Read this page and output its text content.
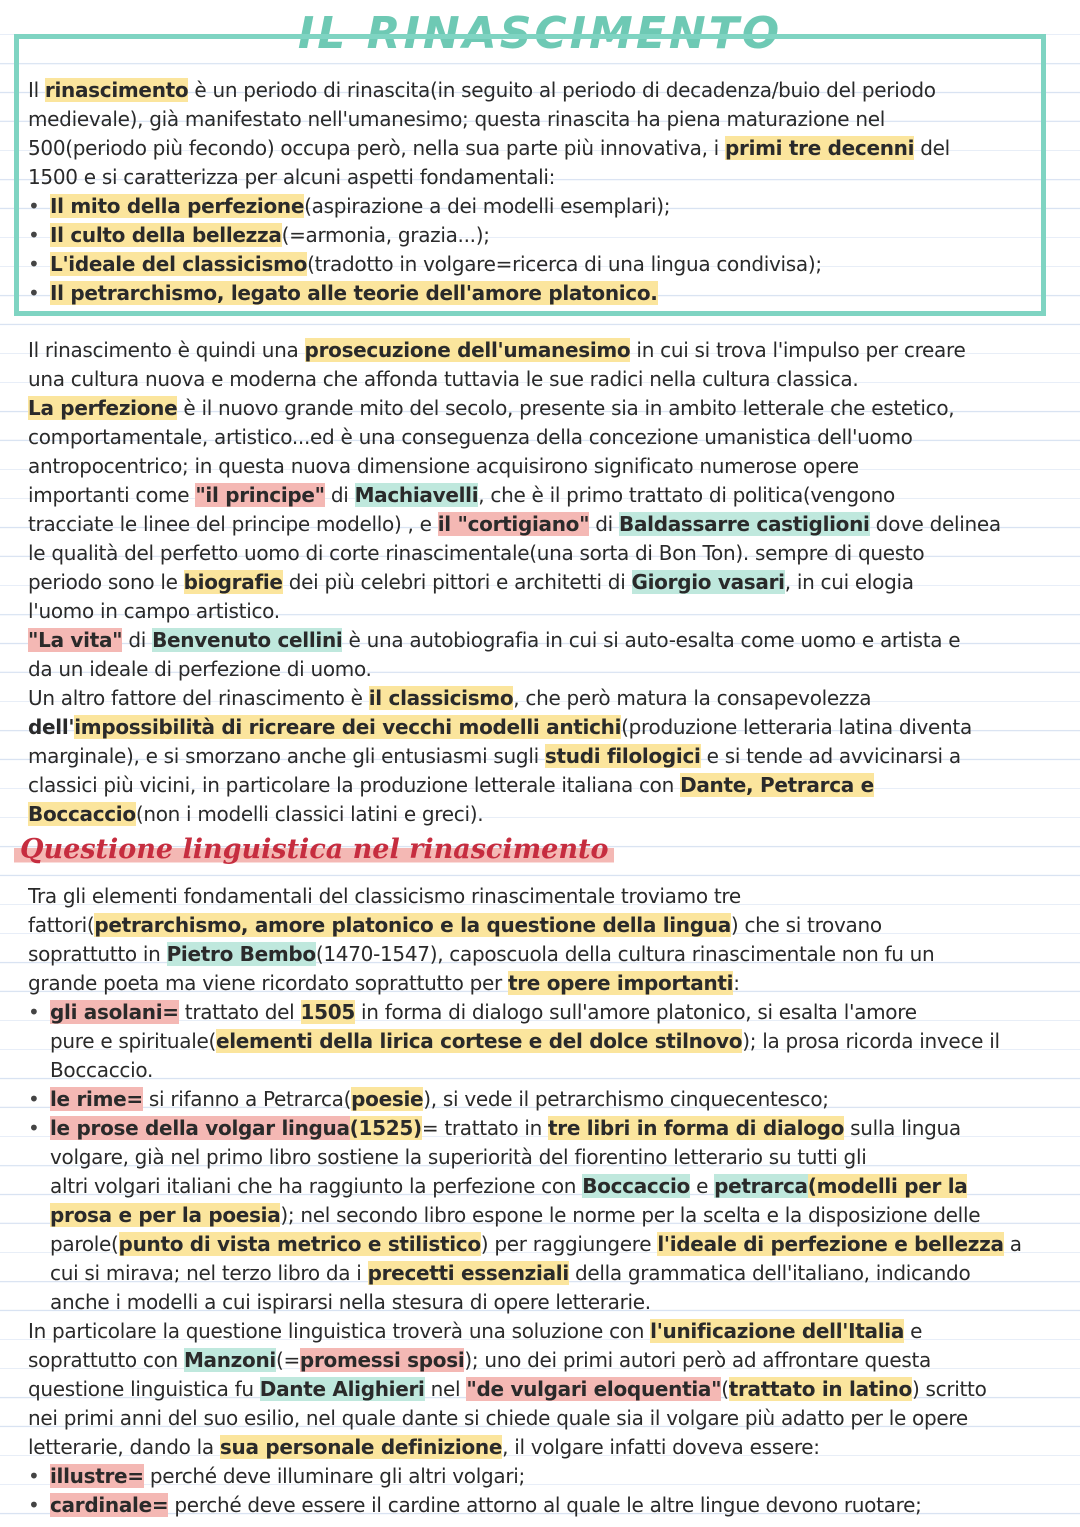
IL RINASCIMENTO
Il rinascimento è un periodo di rinascita(in seguito al periodo di decadenza/buio del periodo
medievale), già manifestato nell'umanesimo; questa rinascita ha piena maturazione nel
500(periodo più fecondo) occupa però, nella sua parte più innovativa, i primi tre decenni del
1500 e si caratterizza per alcuni aspetti fondamentali:
• Il mito della perfezione(aspirazione a dei modelli esemplari);
• Il culto della bellezza(=armonia, grazia...);
• L'ideale del classicismo(tradotto in volgare=ricerca di una lingua condivisa);
• Il petrarchismo, legato alle teorie dell'amore platonico.
Il rinascimento è quindi una prosecuzione dell'umanesimo in cui si trova l'impulso per creare
una cultura nuova e moderna che affonda tuttavia le sue radici nella cultura classica.
La perfezione è il nuovo grande mito del secolo, presente sia in ambito letterale che estetico,
comportamentale, artistico...ed è una conseguenza della concezione umanistica dell'uomo
antropocentrico; in questa nuova dimensione acquisirono significato numerose opere
importanti come "il principe" di Machiavelli, che è il primo trattato di politica(vengono
tracciate le linee del principe modello) , e il "cortigiano" di Baldassarre castiglioni dove delinea
le qualità del perfetto uomo di corte rinascimentale(una sorta di Bon Ton). sempre di questo
periodo sono le biografie dei più celebri pittori e architetti di Giorgio vasari, in cui elogia
l'uomo in campo artistico.
"La vita" di Benvenuto cellini è una autobiografia in cui si auto-esalta come uomo e artista e
da un ideale di perfezione di uomo.
Un altro fattore del rinascimento è il classicismo, che però matura la consapevolezza
dell'impossibilità di ricreare dei vecchi modelli antichi(produzione letteraria latina diventa
marginale), e si smorzano anche gli entusiasmi sugli studi filologici e si tende ad avvicinarsi a
classici più vicini, in particolare la produzione letterale italiana con Dante, Petrarca e
Boccaccio(non i modelli classici latini e greci).
Questione linguistica nel rinascimento
Tra gli elementi fondamentali del classicismo rinascimentale troviamo tre
fattori(petrarchismo, amore platonico e la questione della lingua) che si trovano
soprattutto in Pietro Bembo(1470-1547), caposcuola della cultura rinascimentale non fu un
grande poeta ma viene ricordato soprattutto per tre opere importanti:
• gli asolani= trattato del 1505 in forma di dialogo sull'amore platonico, si esalta l'amore
pure e spirituale(elementi della lirica cortese e del dolce stilnovo); la prosa ricorda invece il
Boccaccio.
• le rime= si rifanno a Petrarca(poesie), si vede il petrarchismo cinquecentesco;
• le prose della volgar lingua(1525)= trattato in tre libri in forma di dialogo sulla lingua
volgare, già nel primo libro sostiene la superiorità del fiorentino letterario su tutti gli
altri volgari italiani che ha raggiunto la perfezione con Boccaccio e petrarca(modelli per la
prosa e per la poesia); nel secondo libro espone le norme per la scelta e la disposizione delle
parole(punto di vista metrico e stilistico) per raggiungere l'ideale di perfezione e bellezza a
cui si mirava; nel terzo libro da i precetti essenziali della grammatica dell'italiano, indicando
anche i modelli a cui ispirarsi nella stesura di opere letterarie.
In particolare la questione linguistica troverà una soluzione con l'unificazione dell'Italia e
soprattutto con Manzoni(=promessi sposi); uno dei primi autori però ad affrontare questa
questione linguistica fu Dante Alighieri nel "de vulgari eloquentia"(trattato in latino) scritto
nei primi anni del suo esilio, nel quale dante si chiede quale sia il volgare più adatto per le opere
letterarie, dando la sua personale definizione, il volgare infatti doveva essere:
• illustre= perché deve illuminare gli altri volgari;
• cardinale= perché deve essere il cardine attorno al quale le altre lingue devono ruotare;
